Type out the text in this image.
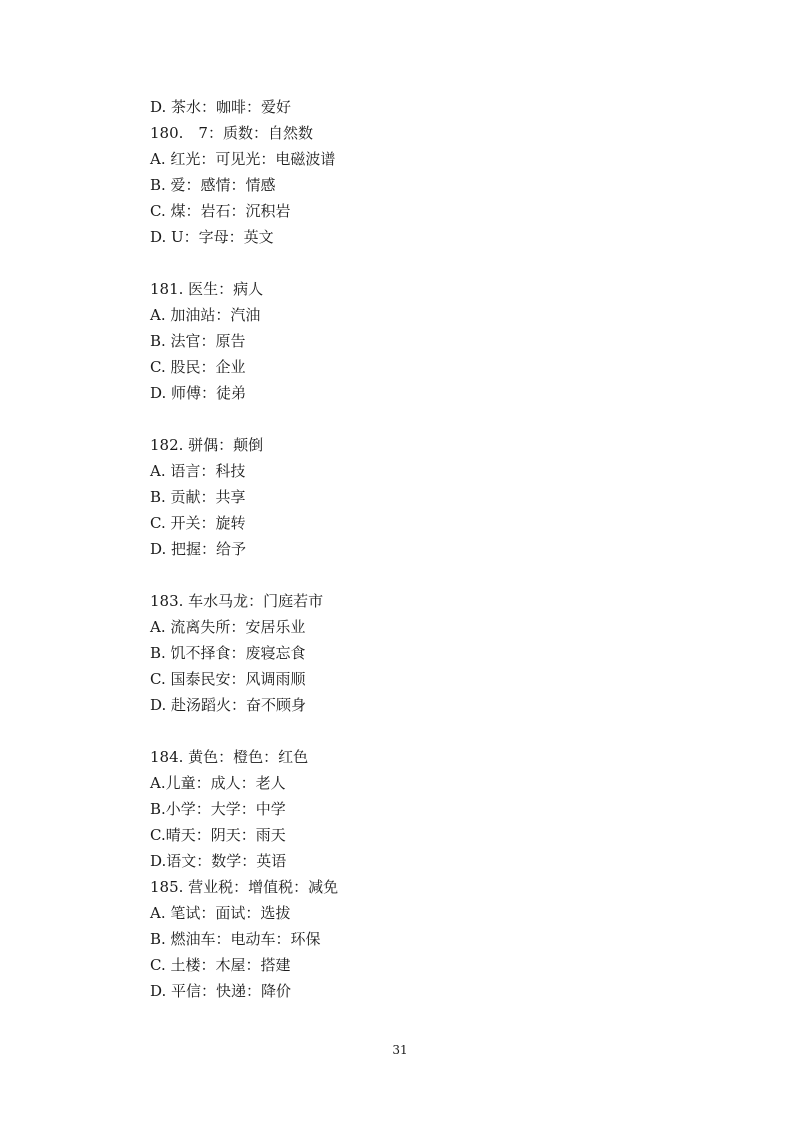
D. 茶水：咖啡：爱好
180.　7：质数：自然数
A. 红光：可见光：电磁波谱
B. 爱：感情：情感
C. 煤：岩石：沉积岩
D. U：字母：英文
181. 医生：病人
A. 加油站：汽油
B. 法官：原告
C. 股民：企业
D. 师傅：徒弟
182. 骈偶：颠倒
A. 语言：科技
B. 贡献：共享
C. 开关：旋转
D. 把握：给予
183. 车水马龙：门庭若市
A. 流离失所：安居乐业
B. 饥不择食：废寝忘食
C. 国泰民安：风调雨顺
D. 赴汤蹈火：奋不顾身
184. 黄色：橙色：红色
A.儿童：成人：老人
B.小学：大学：中学
C.晴天：阴天：雨天
D.语文：数学：英语
185. 营业税：增值税：减免
A. 笔试：面试：选拔
B. 燃油车：电动车：环保
C. 土楼：木屋：搭建
D. 平信：快递：降价
31
